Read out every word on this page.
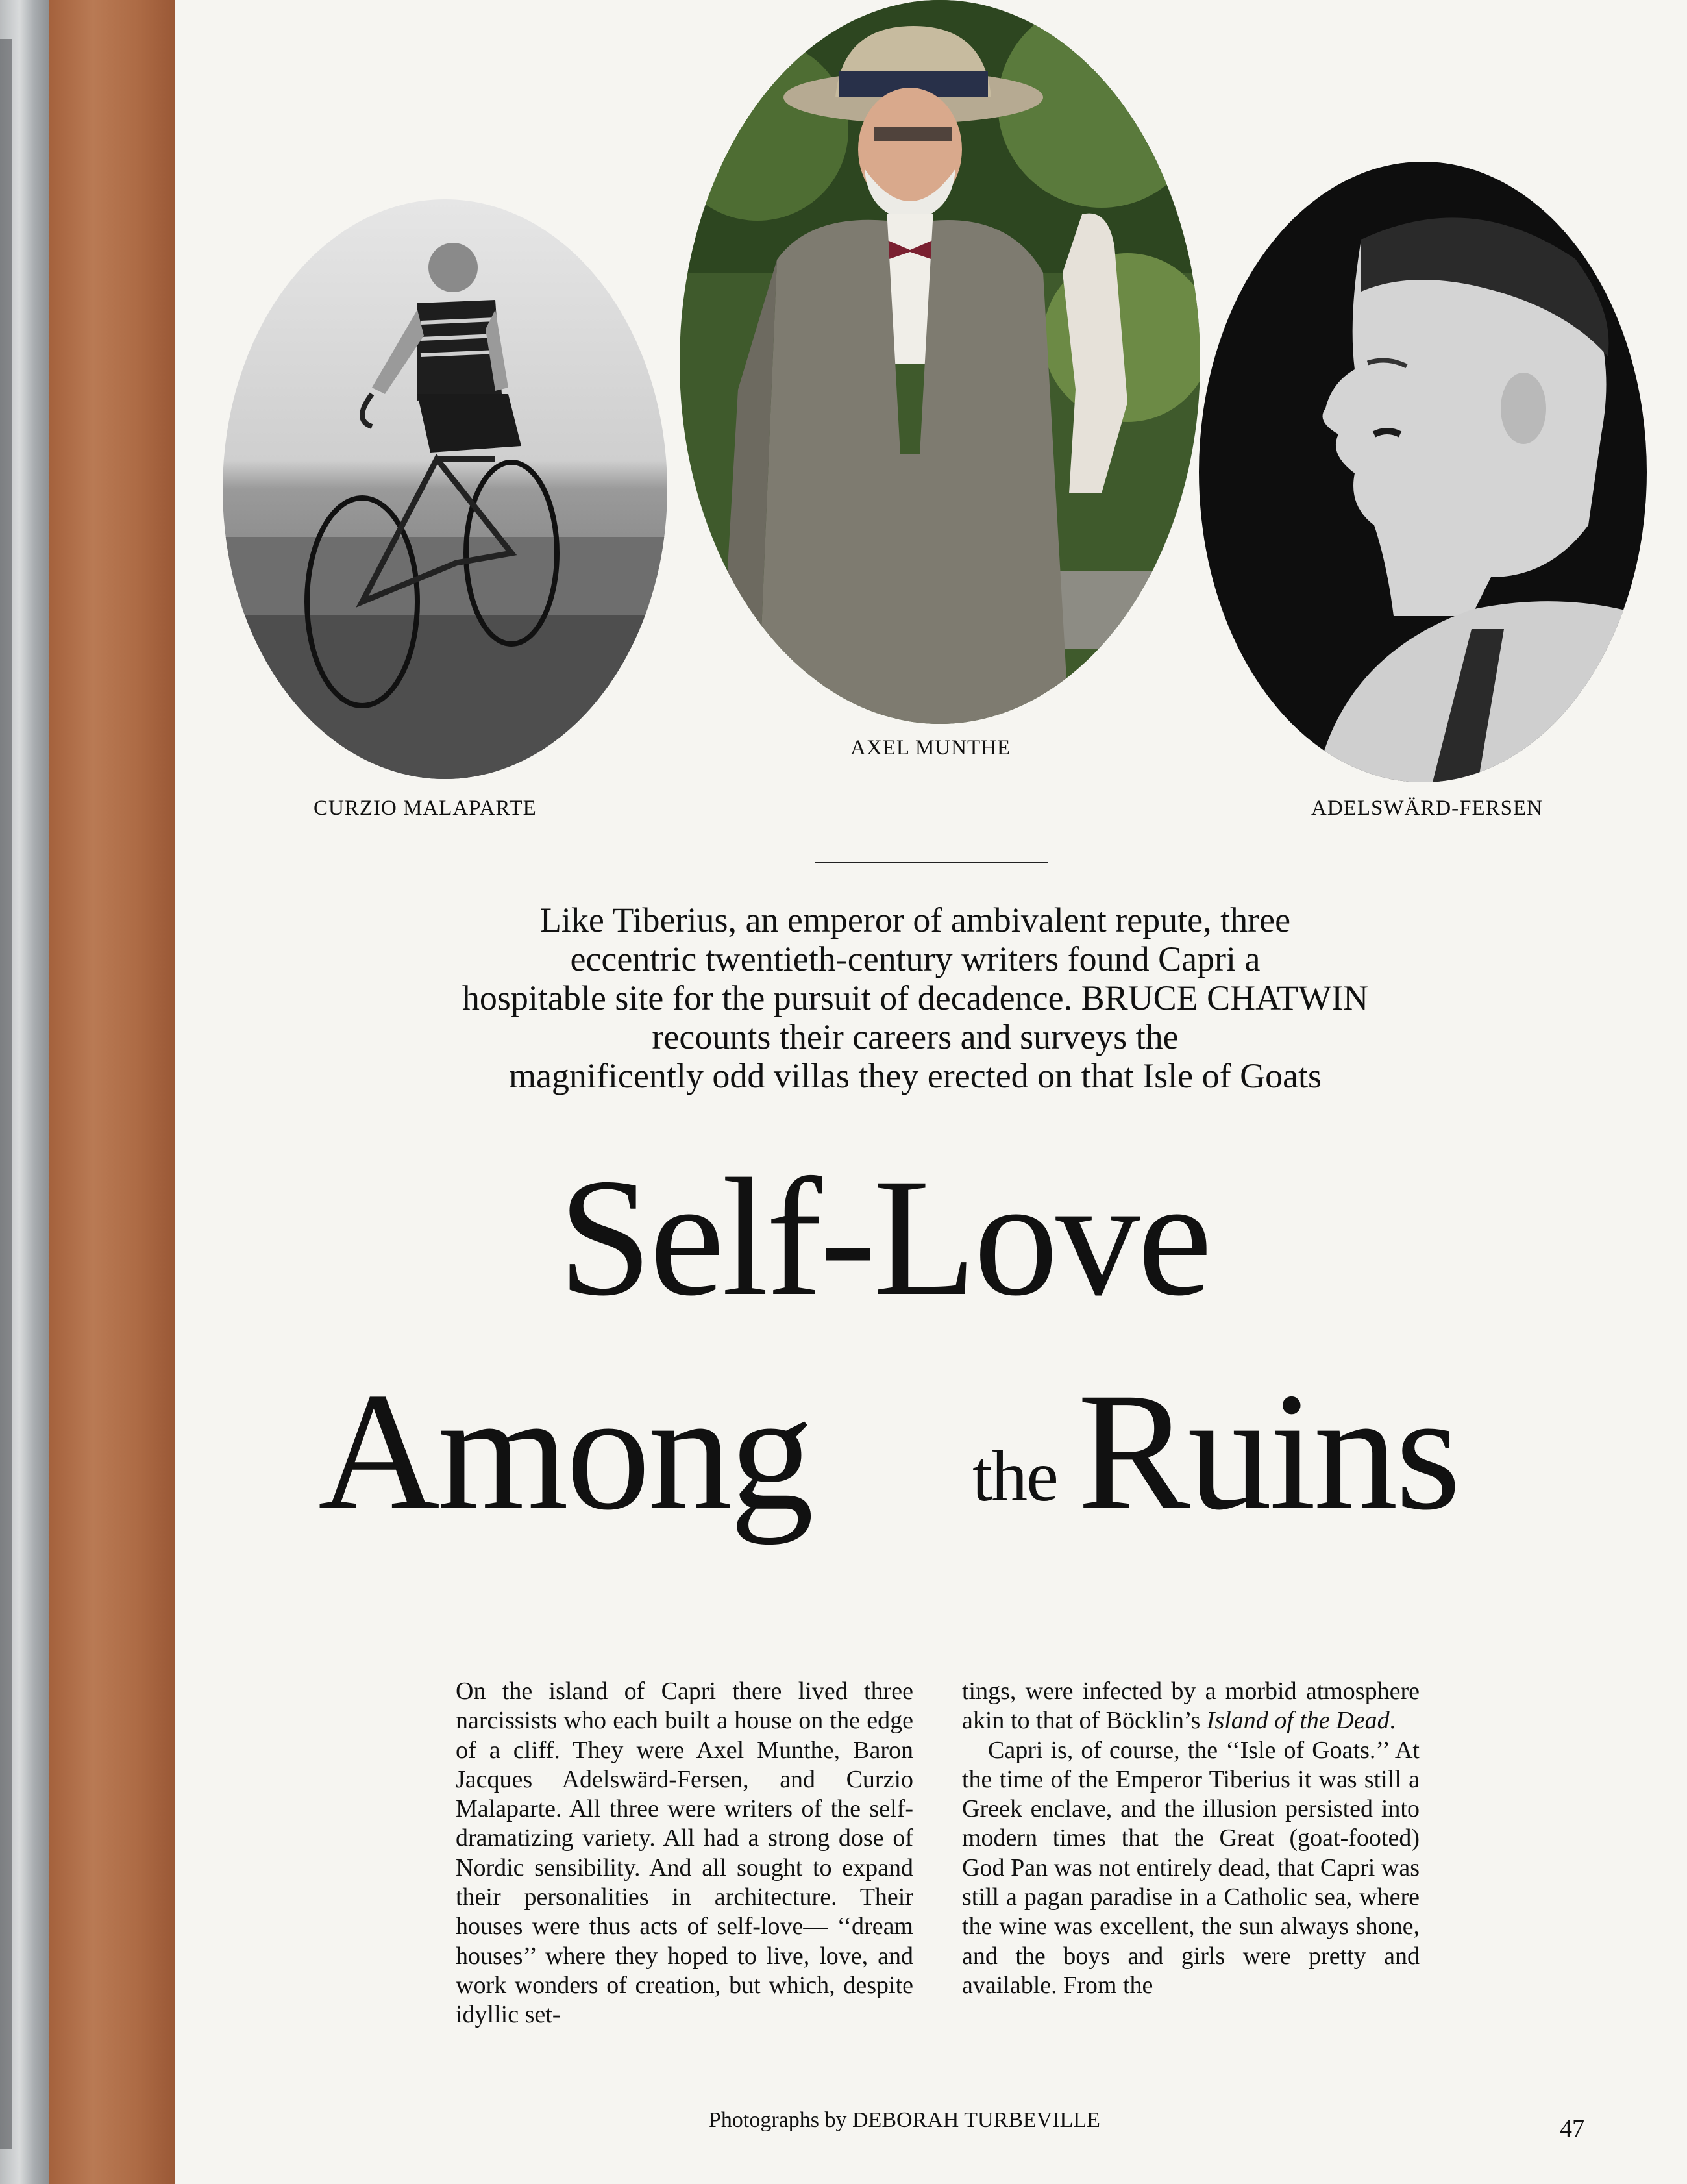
CURZIO MALAPARTE
AXEL MUNTHE
ADELSWÄRD-FERSEN
Like Tiberius, an emperor of ambivalent repute, three
eccentric twentieth-century writers found Capri a
hospitable site for the pursuit of decadence. BRUCE CHATWIN
recounts their careers and surveys the
magnificently odd villas they erected on that Isle of Goats
Self-Love
Among the Ruins

On the island of Capri there lived three narcissists who each built a house on the edge of a cliff. They were Axel Munthe, Baron Jacques Adelswärd-Fersen, and Curzio Malaparte. All three were writers of the self-dramatizing variety. All had a strong dose of Nordic sensibility. And all sought to expand their personalities in architecture. Their houses were thus acts of self-love— ‘‘dream houses’’ where they hoped to live, love, and work wonders of creation, but which, despite idyllic set-

tings, were infected by a morbid atmosphere akin to that of Böcklin’s Island of the Dead.

Capri is, of course, the ‘‘Isle of Goats.’’ At the time of the Emperor Tiberius it was still a Greek enclave, and the illusion persisted into modern times that the Great (goat-footed) God Pan was not entirely dead, that Capri was still a pagan paradise in a Catholic sea, where the wine was excellent, the sun always shone, and the boys and girls were pretty and available. From the

Photographs by DEBORAH TURBEVILLE	47
